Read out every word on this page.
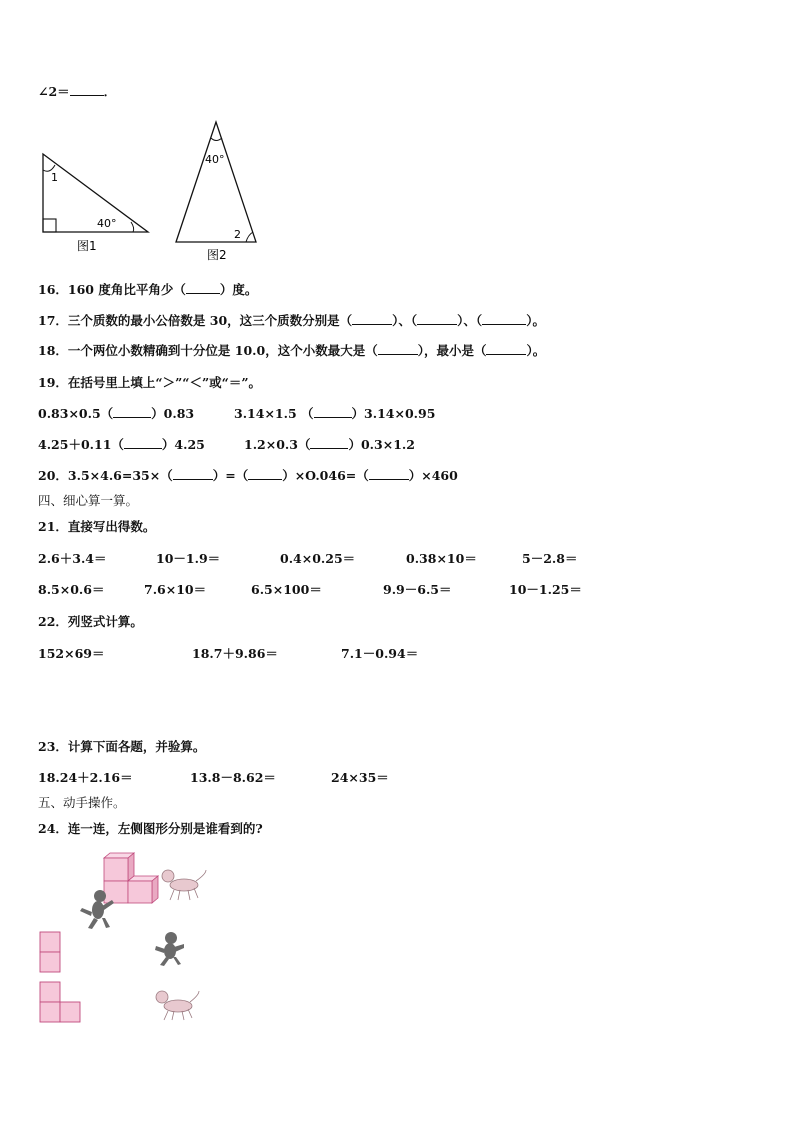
∠2＝	．
1
40°
图1
40°
2
图2
16．160 度角比平角少（	）度。
17．三个质数的最小公倍数是 30，这三个质数分别是（	）、（	）、（	）。
18．一个两位小数精确到十分位是 10.0，这个小数最大是（	），最小是（	）。
19．在括号里上填上“＞”“＜”或“＝”。
0.83×0.5（	）0.83	3.14×1.5 （	）3.14×0.95
4.25＋0.11（	）4.25	1.2×0.3（	）0.3×1.2
20．3.5×4.6=35×（	）=（	）×O.046=（	）×460
四、细心算一算。
21．直接写出得数。
2.6＋3.4＝	10－1.9＝	0.4×0.25＝	0.38×10＝	5－2.8＝
8.5×0.6＝	7.6×10＝	6.5×100＝	9.9－6.5＝	10－1.25＝
22．列竖式计算。
152×69＝	18.7＋9.86＝	7.1－0.94＝
23．计算下面各题，并验算。
18.24＋2.16＝	13.8－8.62＝	24×35＝
五、动手操作。
24．连一连，左侧图形分别是谁看到的?
